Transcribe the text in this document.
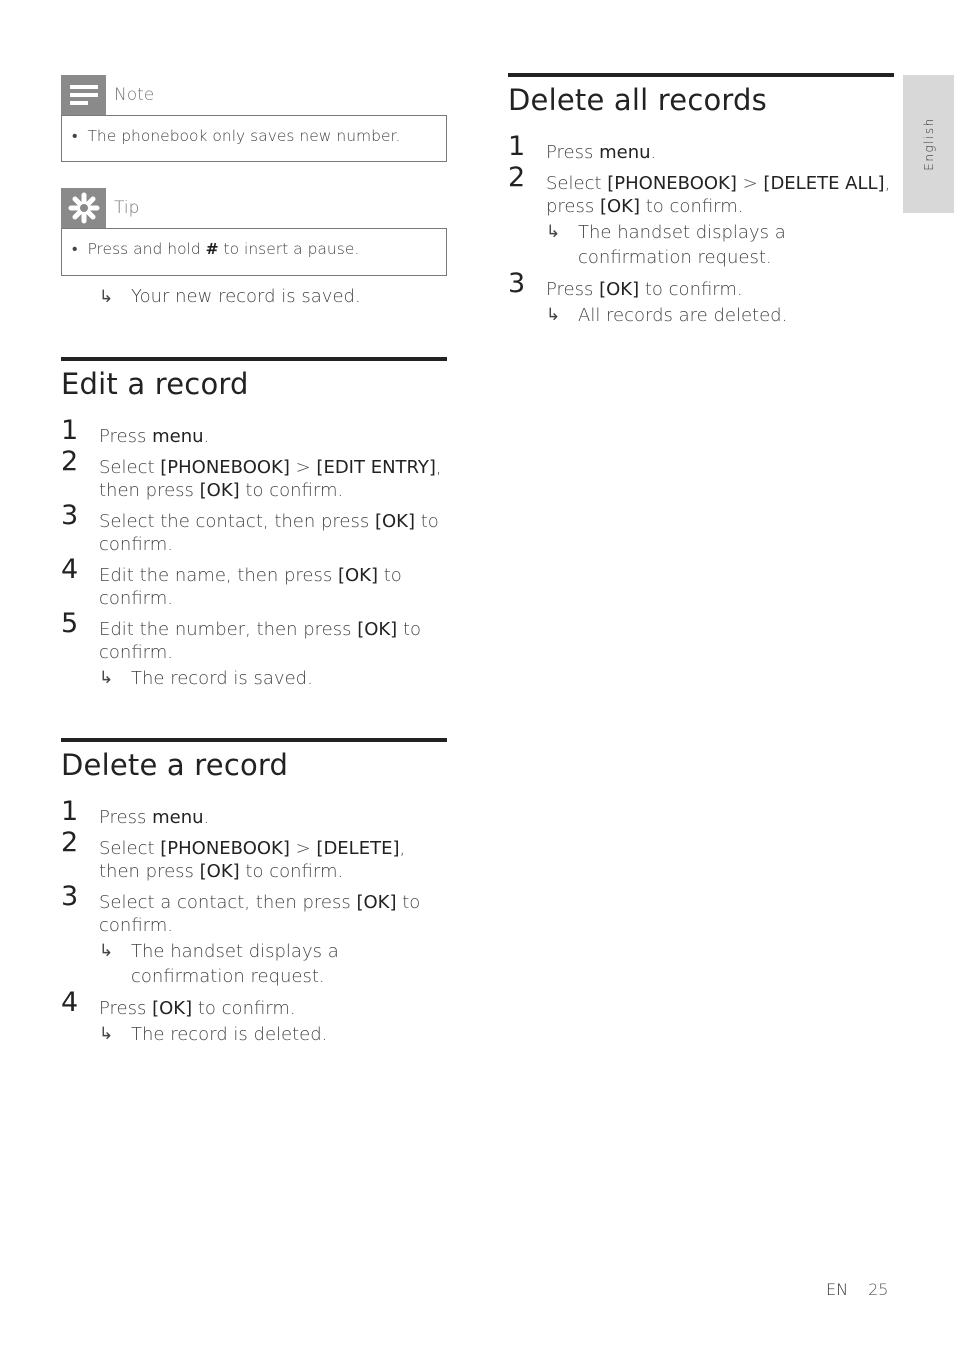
Note
• The phonebook only saves new number.
Tip
• Press and hold # to insert a pause.
↳ Your new record is saved.
Edit a record
1 Press menu.
2 Select [PHONEBOOK] > [EDIT ENTRY], then press [OK] to confirm.
3 Select the contact, then press [OK] to confirm.
4 Edit the name, then press [OK] to confirm.
5 Edit the number, then press [OK] to confirm.
↳ The record is saved.
Delete a record
1 Press menu.
2 Select [PHONEBOOK] > [DELETE], then press [OK] to confirm.
3 Select a contact, then press [OK] to confirm.
↳ The handset displays a confirmation request.
4 Press [OK] to confirm.
↳ The record is deleted.
Delete all records
1 Press menu.
2 Select [PHONEBOOK] > [DELETE ALL], press [OK] to confirm.
↳ The handset displays a confirmation request.
3 Press [OK] to confirm.
↳ All records are deleted.
English
EN 25
